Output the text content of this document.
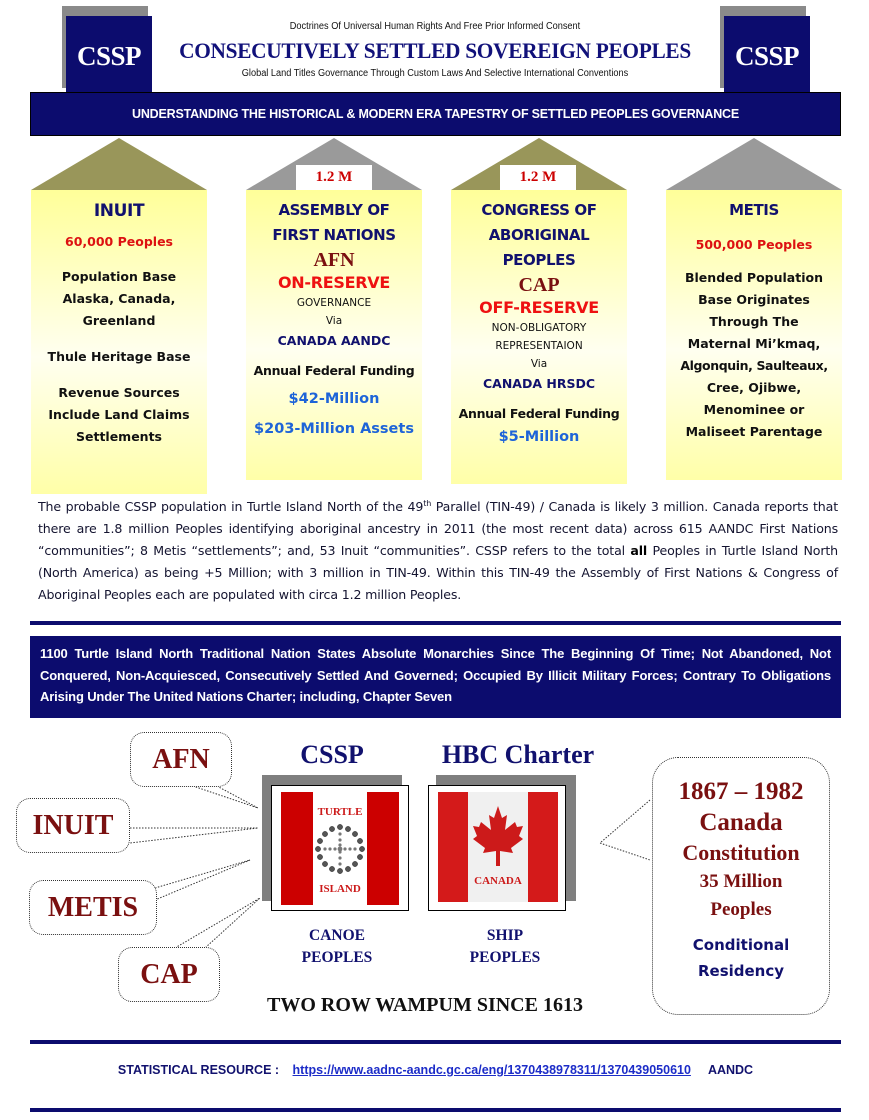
CSSP	CSSP
Doctrines Of Universal Human Rights And Free Prior Informed Consent
CONSECUTIVELY SETTLED SOVEREIGN PEOPLES
Global Land Titles Governance Through Custom Laws And Selective International Conventions
UNDERSTANDING THE HISTORICAL & MODERN ERA TAPESTRY OF SETTLED PEOPLES GOVERNANCE
INUIT
60,000 Peoples
Population Base
Alaska, Canada,
Greenland
Thule Heritage Base
Revenue Sources
Include Land Claims
Settlements
1.2 M
ASSEMBLY OF
FIRST NATIONS
AFN
ON-RESERVE
GOVERNANCE
Via
CANADA AANDC
Annual Federal Funding
$42-Million
$203-Million Assets
1.2 M
CONGRESS OF
ABORIGINAL
PEOPLES
CAP
OFF-RESERVE
NON-OBLIGATORY
REPRESENTAION
Via
CANADA HRSDC
Annual Federal Funding
$5-Million
METIS
500,000 Peoples
Blended Population
Base Originates
Through The
Maternal Mi’kmaq,
Algonquin, Saulteaux,
Cree, Ojibwe,
Menominee or
Maliseet Parentage
The probable CSSP population in Turtle Island North of the 49th Parallel (TIN-49) / Canada is likely 3 million. Canada reports that there are 1.8 million Peoples identifying aboriginal ancestry in 2011 (the most recent data) across 615 AANDC First Nations “communities”; 8 Metis “settlements”; and, 53 Inuit “communities”. CSSP refers to the total all Peoples in Turtle Island North (North America) as being +5 Million; with 3 million in TIN-49. Within this TIN-49 the Assembly of First Nations & Congress of Aboriginal Peoples each are populated with circa 1.2 million Peoples.
1100 Turtle Island North Traditional Nation States Absolute Monarchies Since The Beginning Of Time; Not Abandoned, Not Conquered, Non-Acquiesced, Consecutively Settled And Governed; Occupied By Illicit Military Forces; Contrary To Obligations Arising Under The United Nations Charter; including, Chapter Seven
AFN
INUIT
METIS
CAP
CSSP	HBC Charter
TURTLE
ISLAND
CANADA
CANOE
PEOPLES
SHIP
PEOPLES
TWO ROW WAMPUM SINCE 1613
1867 – 1982
Canada
Constitution
35 Million
Peoples
Conditional
Residency
STATISTICAL RESOURCE : https://www.aadnc-aandc.gc.ca/eng/1370438978311/1370439050610 AANDC
